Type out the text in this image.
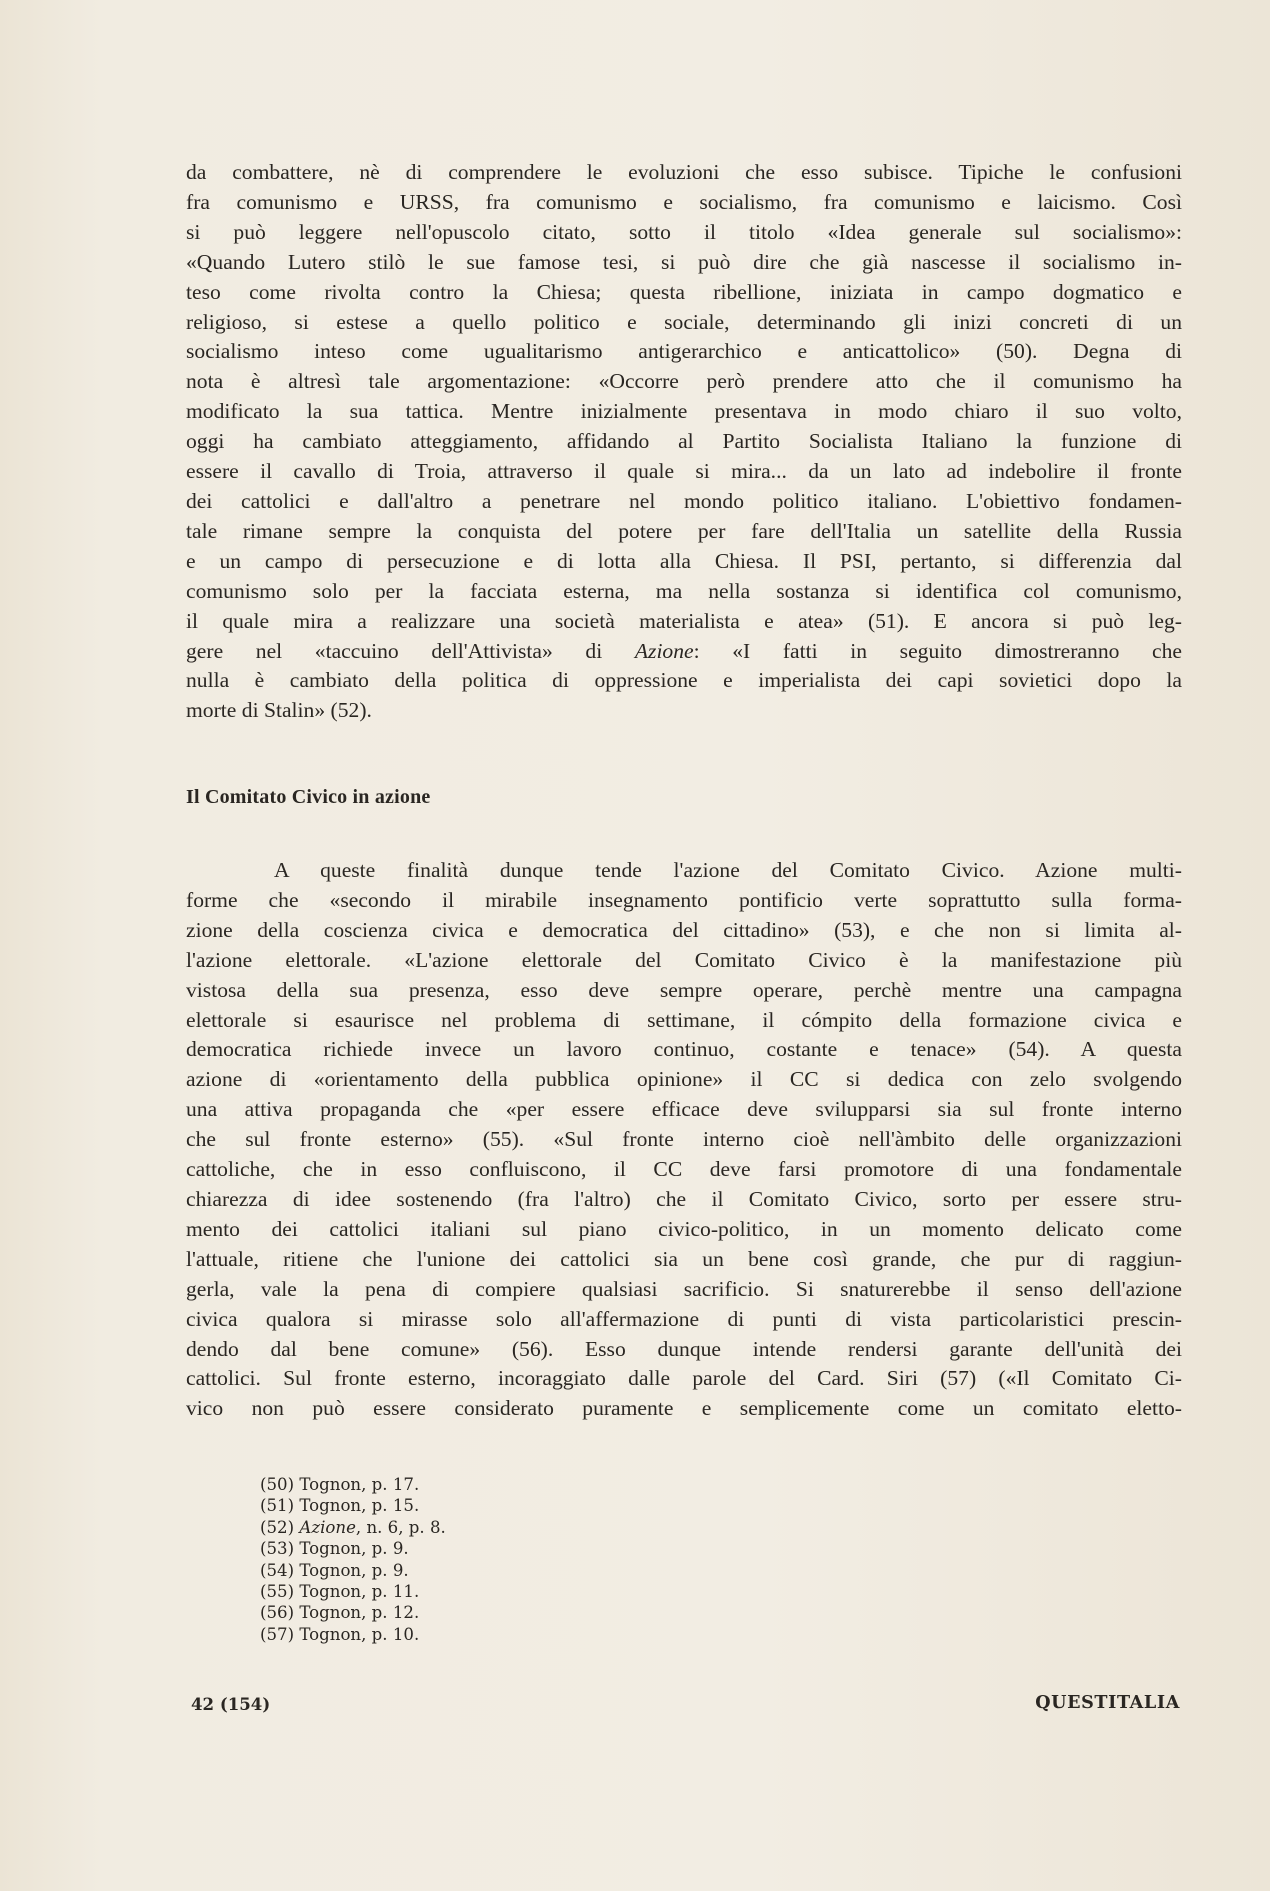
da combattere, nè di comprendere le evoluzioni che esso subisce. Tipiche le confusioni
fra comunismo e URSS, fra comunismo e socialismo, fra comunismo e laicismo. Così
si può leggere nell'opuscolo citato, sotto il titolo «Idea generale sul socialismo»:
«Quando Lutero stilò le sue famose tesi, si può dire che già nascesse il socialismo in-
teso come rivolta contro la Chiesa; questa ribellione, iniziata in campo dogmatico e
religioso, si estese a quello politico e sociale, determinando gli inizi concreti di un
socialismo inteso come ugualitarismo antigerarchico e anticattolico» (50). Degna di
nota è altresì tale argomentazione: «Occorre però prendere atto che il comunismo ha
modificato la sua tattica. Mentre inizialmente presentava in modo chiaro il suo volto,
oggi ha cambiato atteggiamento, affidando al Partito Socialista Italiano la funzione di
essere il cavallo di Troia, attraverso il quale si mira... da un lato ad indebolire il fronte
dei cattolici e dall'altro a penetrare nel mondo politico italiano. L'obiettivo fondamen-
tale rimane sempre la conquista del potere per fare dell'Italia un satellite della Russia
e un campo di persecuzione e di lotta alla Chiesa. Il PSI, pertanto, si differenzia dal
comunismo solo per la facciata esterna, ma nella sostanza si identifica col comunismo,
il quale mira a realizzare una società materialista e atea» (51). E ancora si può leg-
gere nel «taccuino dell'Attivista» di Azione: «I fatti in seguito dimostreranno che
nulla è cambiato della politica di oppressione e imperialista dei capi sovietici dopo la
morte di Stalin» (52).

Il Comitato Civico in azione

A queste finalità dunque tende l'azione del Comitato Civico. Azione multi-
forme che «secondo il mirabile insegnamento pontificio verte soprattutto sulla forma-
zione della coscienza civica e democratica del cittadino» (53), e che non si limita al-
l'azione elettorale. «L'azione elettorale del Comitato Civico è la manifestazione più
vistosa della sua presenza, esso deve sempre operare, perchè mentre una campagna
elettorale si esaurisce nel problema di settimane, il cómpito della formazione civica e
democratica richiede invece un lavoro continuo, costante e tenace» (54). A questa
azione di «orientamento della pubblica opinione» il CC si dedica con zelo svolgendo
una attiva propaganda che «per essere efficace deve svilupparsi sia sul fronte interno
che sul fronte esterno» (55). «Sul fronte interno cioè nell'àmbito delle organizzazioni
cattoliche, che in esso confluiscono, il CC deve farsi promotore di una fondamentale
chiarezza di idee sostenendo (fra l'altro) che il Comitato Civico, sorto per essere stru-
mento dei cattolici italiani sul piano civico-politico, in un momento delicato come
l'attuale, ritiene che l'unione dei cattolici sia un bene così grande, che pur di raggiun-
gerla, vale la pena di compiere qualsiasi sacrificio. Si snaturerebbe il senso dell'azione
civica qualora si mirasse solo all'affermazione di punti di vista particolaristici prescin-
dendo dal bene comune» (56). Esso dunque intende rendersi garante dell'unità dei
cattolici. Sul fronte esterno, incoraggiato dalle parole del Card. Siri (57) («Il Comitato Ci-
vico non può essere considerato puramente e semplicemente come un comitato eletto-

(50) Tognon, p. 17.
(51) Tognon, p. 15.
(52) Azione, n. 6, p. 8.
(53) Tognon, p. 9.
(54) Tognon, p. 9.
(55) Tognon, p. 11.
(56) Tognon, p. 12.
(57) Tognon, p. 10.
42 (154)	QUESTITALIA
